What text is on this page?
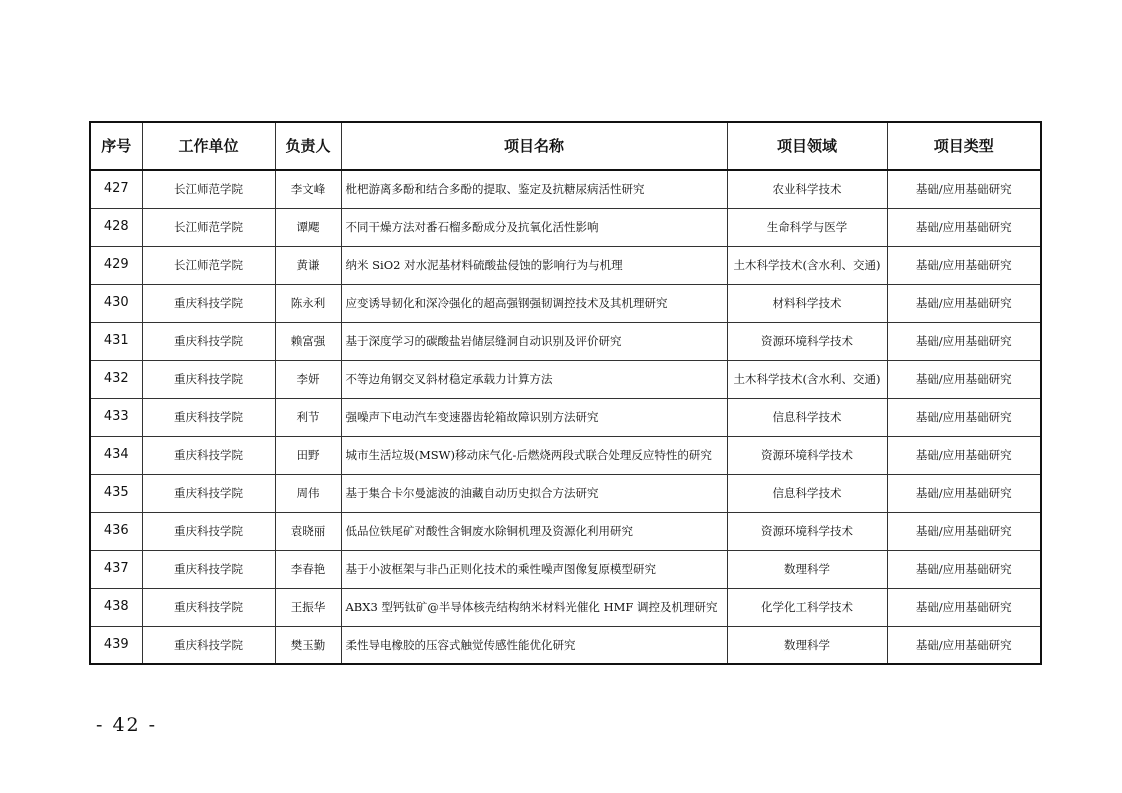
序号	工作单位	负责人	项目名称	项目领域	项目类型
427	长江师范学院	李文峰	枇杷游离多酚和结合多酚的提取、鉴定及抗糖尿病活性研究	农业科学技术	基础/应用基础研究
428	长江师范学院	谭飔	不同干燥方法对番石榴多酚成分及抗氧化活性影响	生命科学与医学	基础/应用基础研究
429	长江师范学院	黄谦	纳米 SiO2 对水泥基材料硫酸盐侵蚀的影响行为与机理	土木科学技术(含水利、交通)	基础/应用基础研究
430	重庆科技学院	陈永利	应变诱导韧化和深冷强化的超高强钢强韧调控技术及其机理研究	材料科学技术	基础/应用基础研究
431	重庆科技学院	赖富强	基于深度学习的碳酸盐岩储层缝洞自动识别及评价研究	资源环境科学技术	基础/应用基础研究
432	重庆科技学院	李妍	不等边角钢交叉斜材稳定承载力计算方法	土木科学技术(含水利、交通)	基础/应用基础研究
433	重庆科技学院	利节	强噪声下电动汽车变速器齿轮箱故障识别方法研究	信息科学技术	基础/应用基础研究
434	重庆科技学院	田野	城市生活垃圾(MSW)移动床气化-后燃烧两段式联合处理反应特性的研究	资源环境科学技术	基础/应用基础研究
435	重庆科技学院	周伟	基于集合卡尔曼滤波的油藏自动历史拟合方法研究	信息科学技术	基础/应用基础研究
436	重庆科技学院	袁晓丽	低品位铁尾矿对酸性含铜废水除铜机理及资源化利用研究	资源环境科学技术	基础/应用基础研究
437	重庆科技学院	李春艳	基于小波框架与非凸正则化技术的乘性噪声图像复原模型研究	数理科学	基础/应用基础研究
438	重庆科技学院	王振华	ABX3 型钙钛矿@半导体核壳结构纳米材料光催化 HMF 调控及机理研究	化学化工科学技术	基础/应用基础研究
439	重庆科技学院	樊玉勤	柔性导电橡胶的压容式触觉传感性能优化研究	数理科学	基础/应用基础研究
- 42 -
